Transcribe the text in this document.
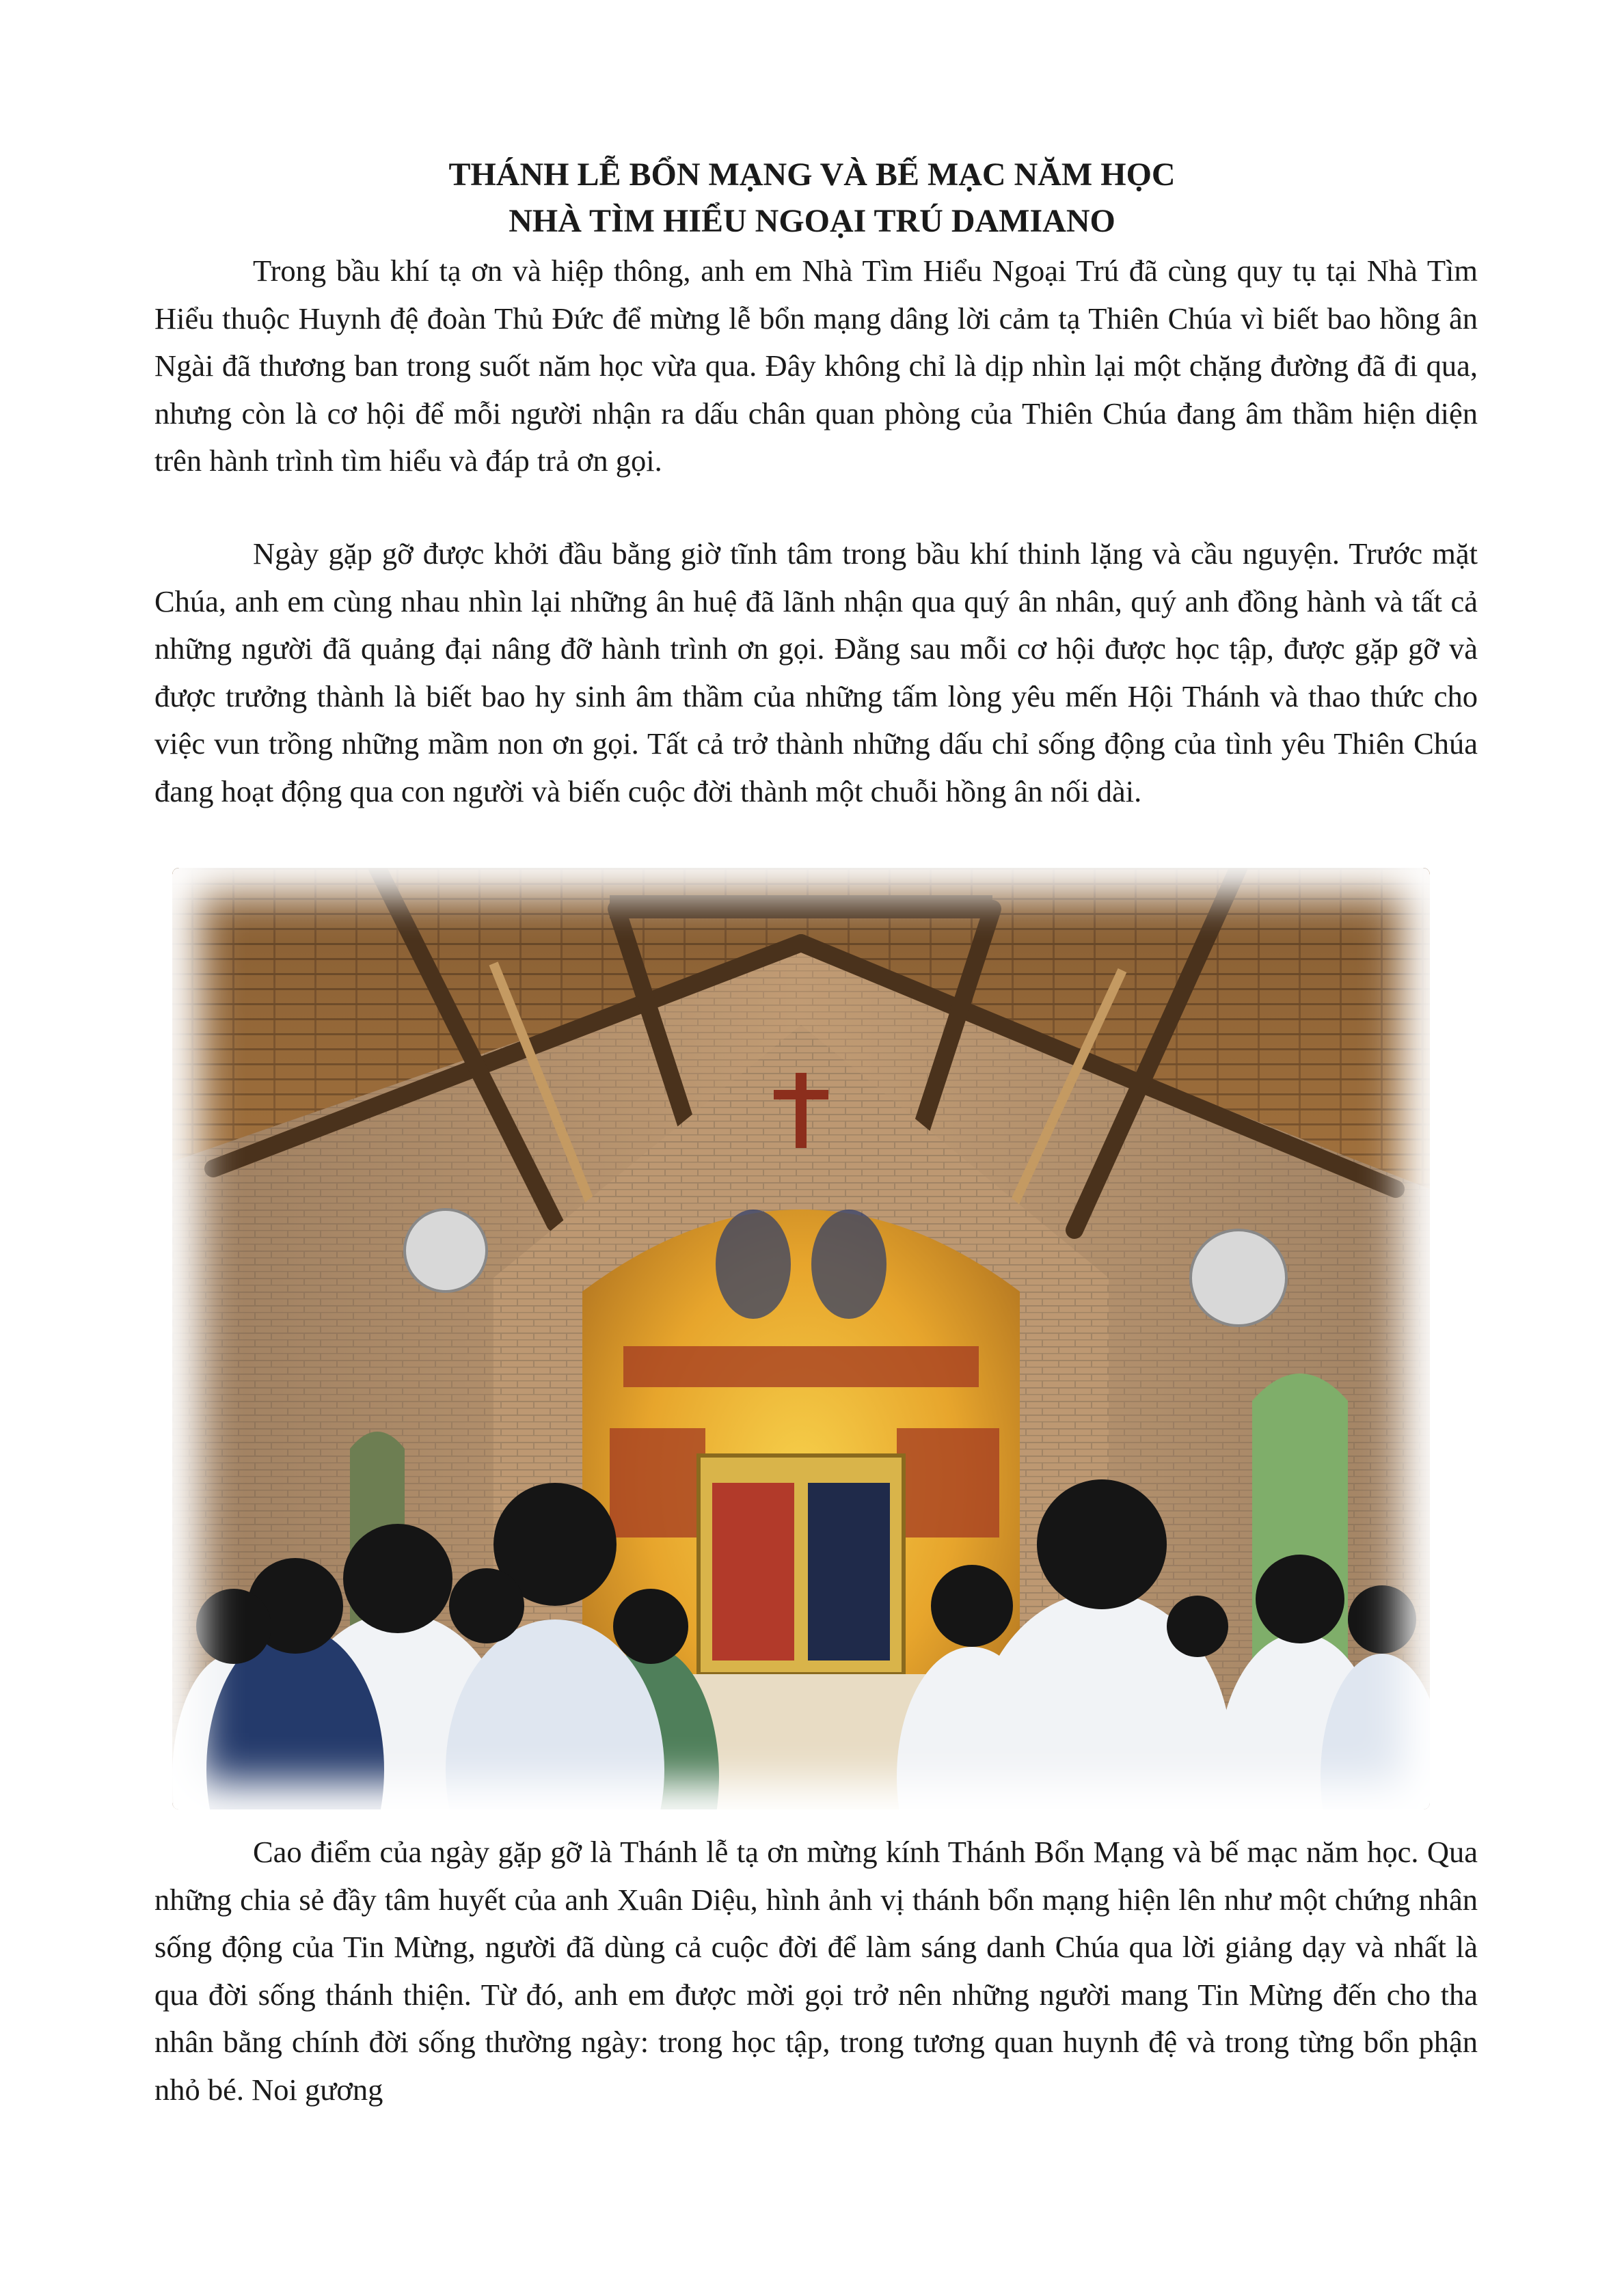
THÁNH LỄ BỔN MẠNG VÀ BẾ MẠC NĂM HỌC
NHÀ TÌM HIỂU NGOẠI TRÚ DAMIANO

Trong bầu khí tạ ơn và hiệp thông, anh em Nhà Tìm Hiểu Ngoại Trú đã cùng quy tụ tại Nhà Tìm Hiểu thuộc Huynh đệ đoàn Thủ Đức để mừng lễ bổn mạng dâng lời cảm tạ Thiên Chúa vì biết bao hồng ân Ngài đã thương ban trong suốt năm học vừa qua. Đây không chỉ là dịp nhìn lại một chặng đường đã đi qua, nhưng còn là cơ hội để mỗi người nhận ra dấu chân quan phòng của Thiên Chúa đang âm thầm hiện diện trên hành trình tìm hiểu và đáp trả ơn gọi.

Ngày gặp gỡ được khởi đầu bằng giờ tĩnh tâm trong bầu khí thinh lặng và cầu nguyện. Trước mặt Chúa, anh em cùng nhau nhìn lại những ân huệ đã lãnh nhận qua quý ân nhân, quý anh đồng hành và tất cả những người đã quảng đại nâng đỡ hành trình ơn gọi. Đằng sau mỗi cơ hội được học tập, được gặp gỡ và được trưởng thành là biết bao hy sinh âm thầm của những tấm lòng yêu mến Hội Thánh và thao thức cho việc vun trồng những mầm non ơn gọi. Tất cả trở thành những dấu chỉ sống động của tình yêu Thiên Chúa đang hoạt động qua con người và biến cuộc đời thành một chuỗi hồng ân nối dài.

Cao điểm của ngày gặp gỡ là Thánh lễ tạ ơn mừng kính Thánh Bổn Mạng và bế mạc năm học. Qua những chia sẻ đầy tâm huyết của anh Xuân Diệu, hình ảnh vị thánh bổn mạng hiện lên như một chứng nhân sống động của Tin Mừng, người đã dùng cả cuộc đời để làm sáng danh Chúa qua lời giảng dạy và nhất là qua đời sống thánh thiện. Từ đó, anh em được mời gọi trở nên những người mang Tin Mừng đến cho tha nhân bằng chính đời sống thường ngày: trong học tập, trong tương quan huynh đệ và trong từng bổn phận nhỏ bé. Noi gương
